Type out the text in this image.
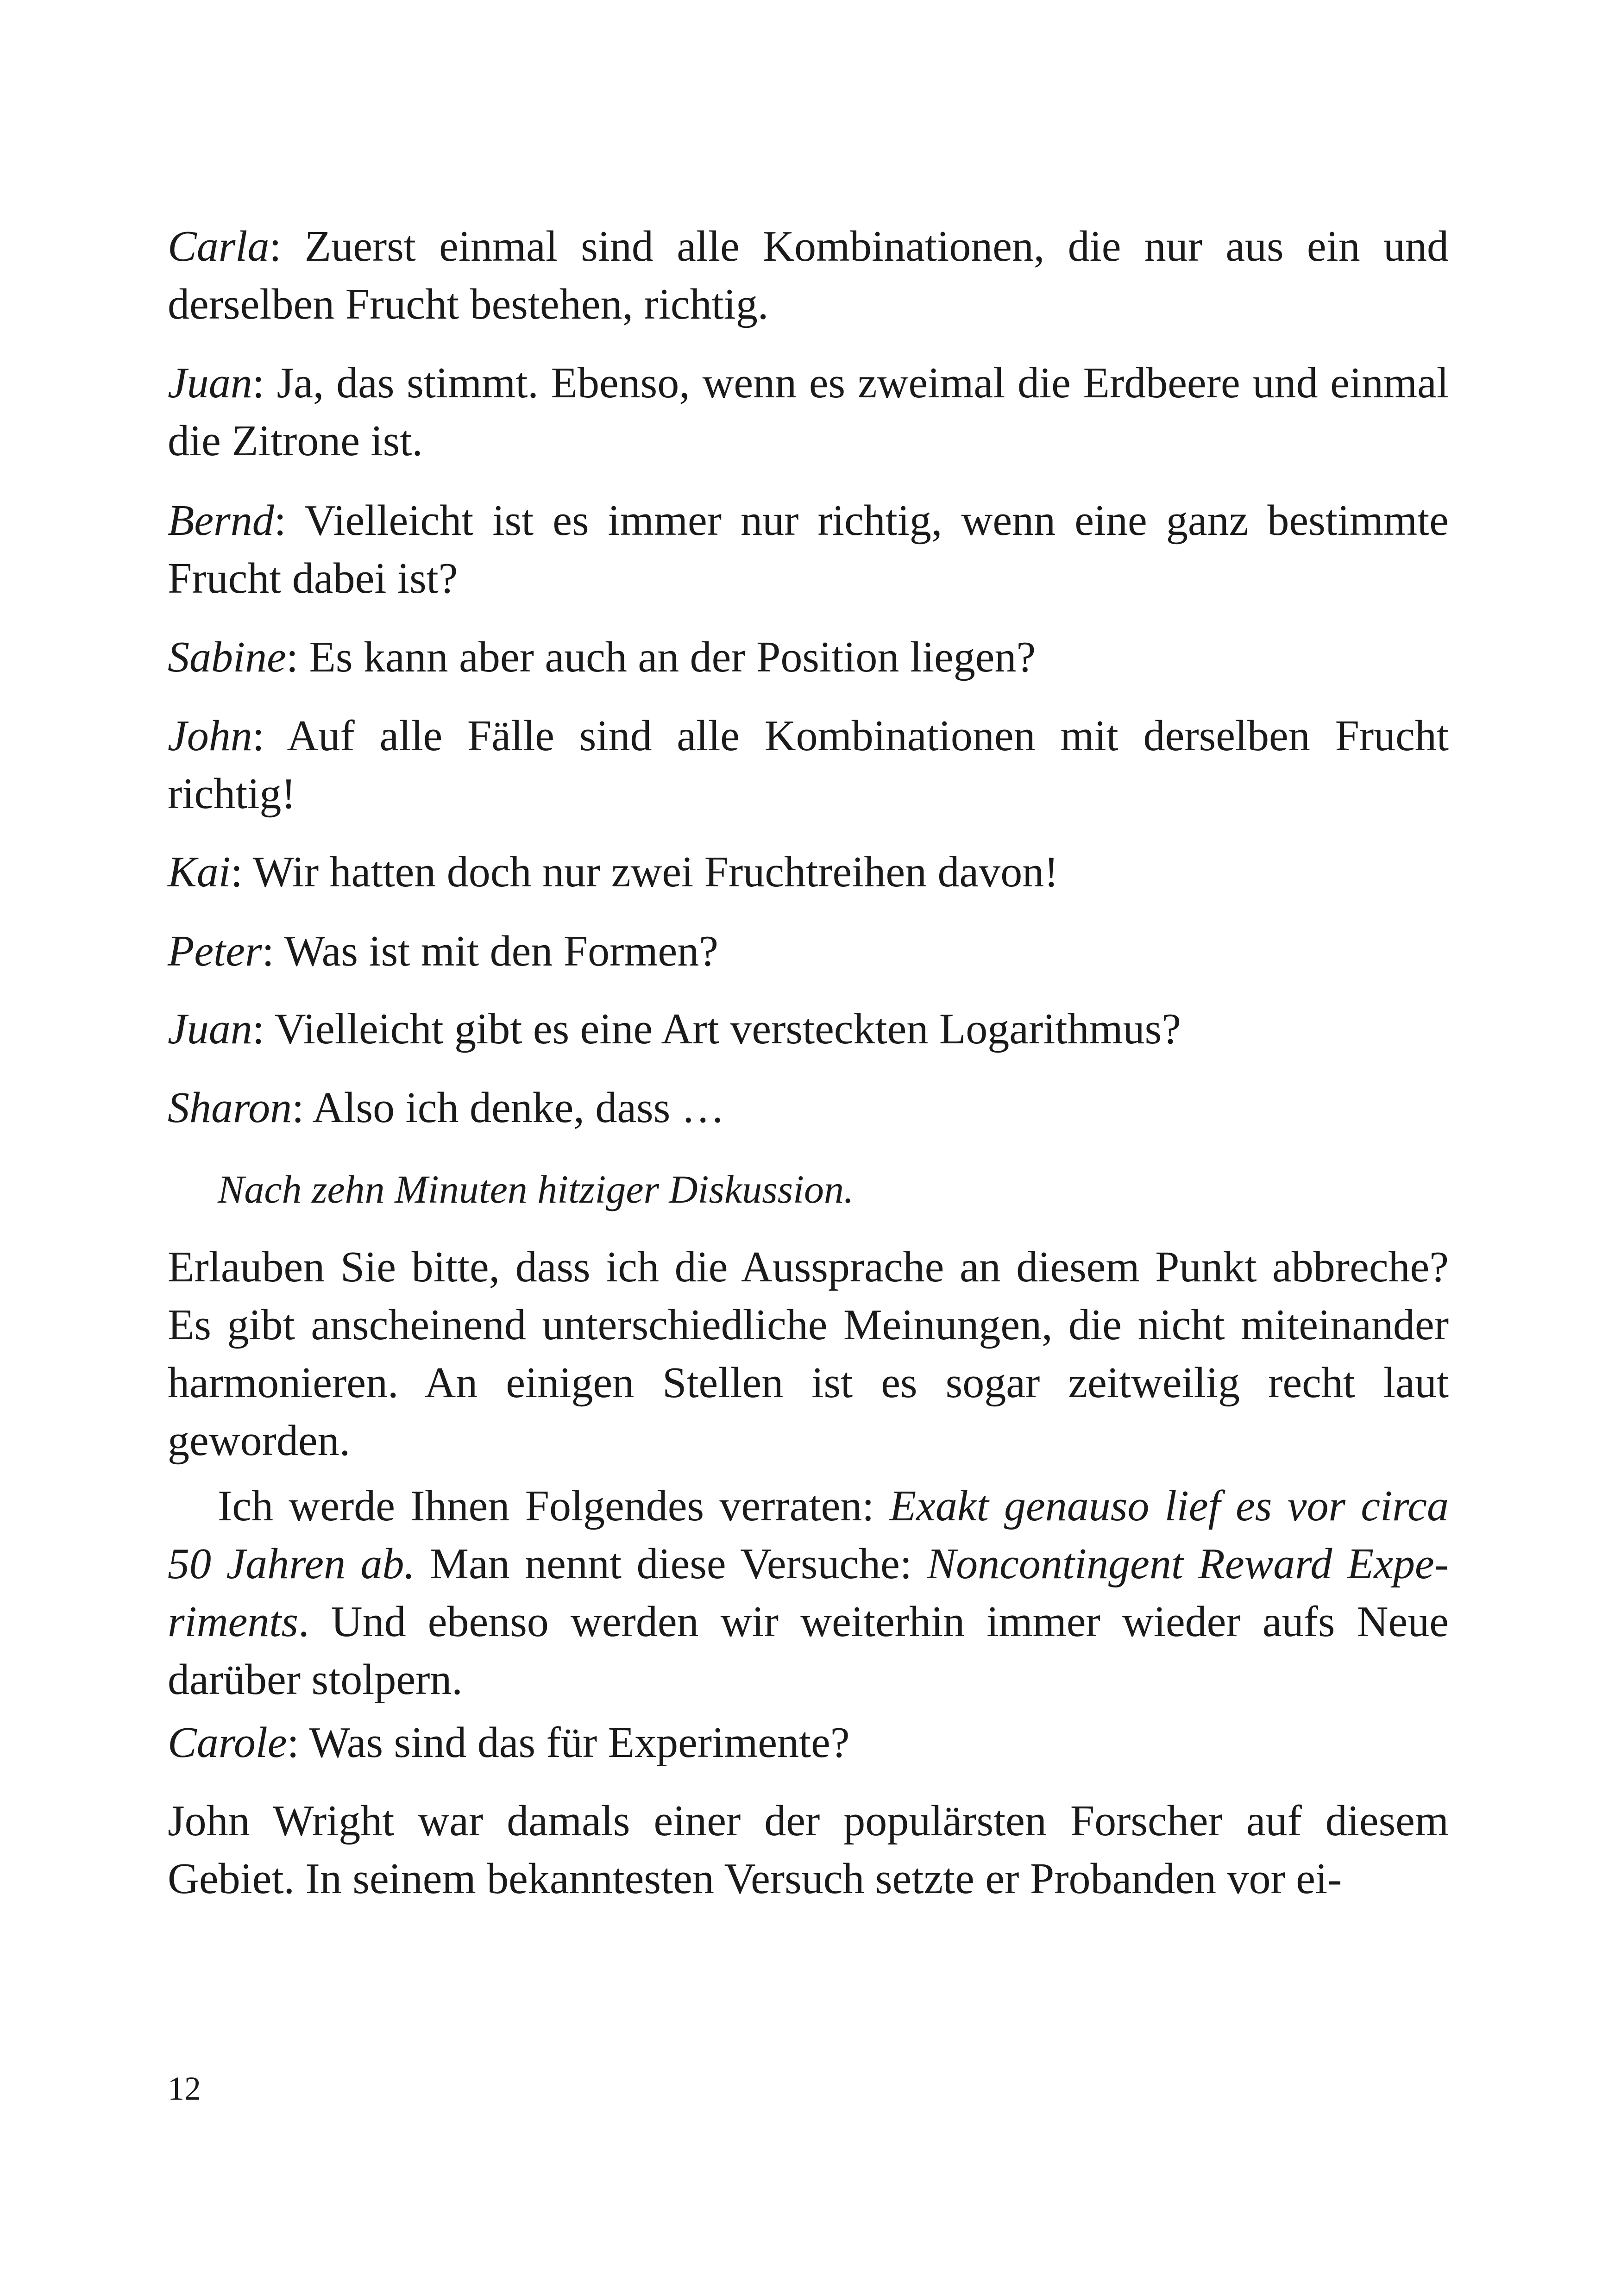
Carla: Zuerst einmal sind alle Kombinationen, die nur aus ein und derselben Frucht bestehen, richtig.

Juan: Ja, das stimmt. Ebenso, wenn es zweimal die Erdbeere und einmal die Zitrone ist.

Bernd: Vielleicht ist es immer nur richtig, wenn eine ganz bestimmte Frucht dabei ist?

Sabine: Es kann aber auch an der Position liegen?

John: Auf alle Fälle sind alle Kombinationen mit derselben Frucht richtig!

Kai: Wir hatten doch nur zwei Fruchtreihen davon!

Peter: Was ist mit den Formen?

Juan: Vielleicht gibt es eine Art versteckten Logarithmus?

Sharon: Also ich denke, dass …

Nach zehn Minuten hitziger Diskussion.

Erlauben Sie bitte, dass ich die Aussprache an diesem Punkt abbreche? Es gibt anscheinend unterschiedliche Meinungen, die nicht miteinander harmonieren. An einigen Stellen ist es sogar zeitweilig recht laut geworden.

Ich werde Ihnen Folgendes verraten: Exakt genauso lief es vor circa 50 Jahren ab. Man nennt diese Versuche: Noncontingent Reward Experiments. Und ebenso werden wir weiterhin immer wieder aufs Neue darüber stolpern.

Carole: Was sind das für Experimente?

John Wright war damals einer der populärsten Forscher auf diesem Gebiet. In seinem bekanntesten Versuch setzte er Probanden vor ei-

12
